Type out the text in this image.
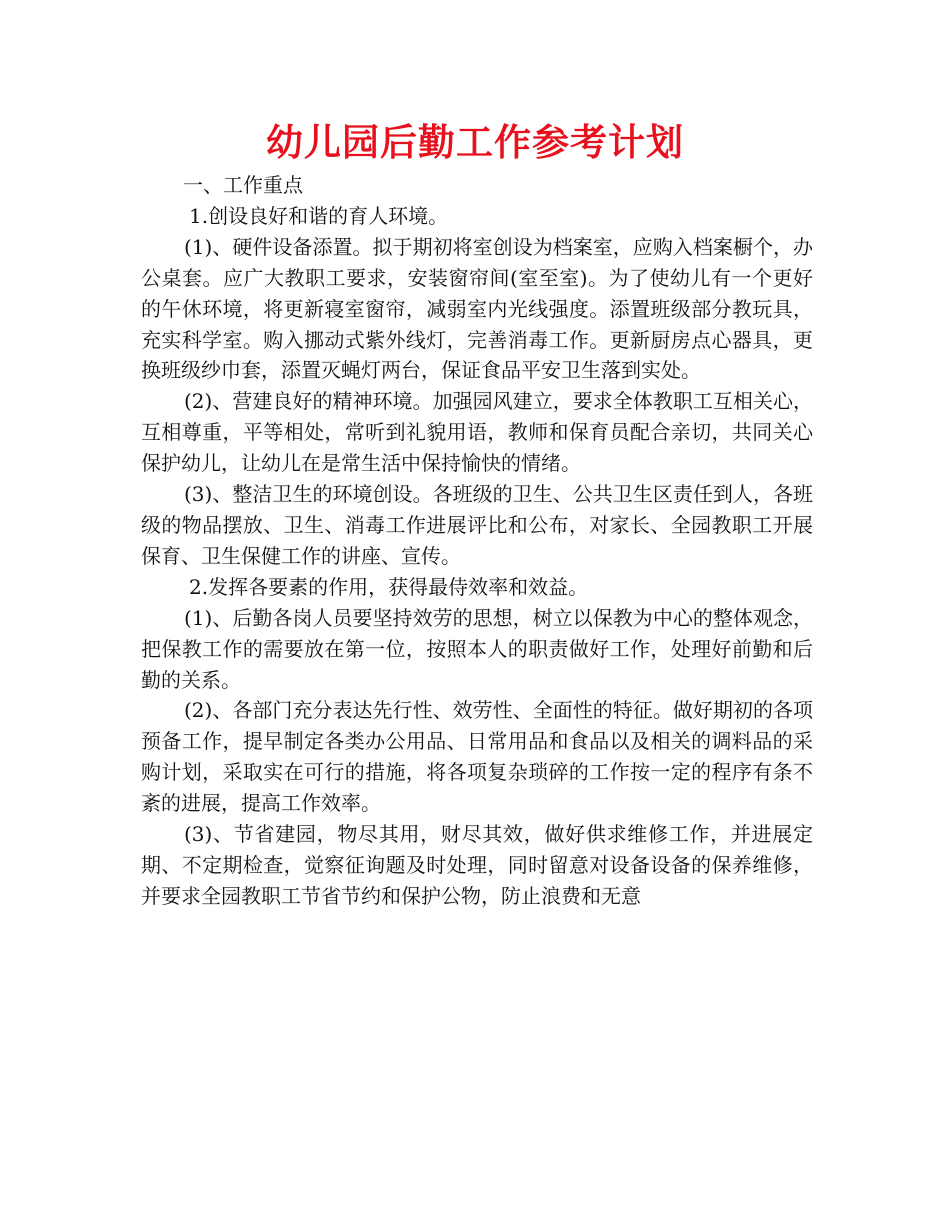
幼儿园后勤工作参考计划

一、工作重点

1.创设良好和谐的育人环境。

(1)、硬件设备添置。拟于期初将室创设为档案室，应购入档案橱个，办公桌套。应广大教职工要求，安装窗帘间(室至室)。为了使幼儿有一个更好的午休环境，将更新寝室窗帘，减弱室内光线强度。添置班级部分教玩具，充实科学室。购入挪动式紫外线灯，完善消毒工作。更新厨房点心器具，更换班级纱巾套，添置灭蝇灯两台，保证食品平安卫生落到实处。

(2)、营建良好的精神环境。加强园风建立，要求全体教职工互相关心，互相尊重，平等相处，常听到礼貌用语，教师和保育员配合亲切，共同关心保护幼儿，让幼儿在是常生活中保持愉快的情绪。

(3)、整洁卫生的环境创设。各班级的卫生、公共卫生区责任到人，各班级的物品摆放、卫生、消毒工作进展评比和公布，对家长、全园教职工开展保育、卫生保健工作的讲座、宣传。

2.发挥各要素的作用，获得最侍效率和效益。

(1)、后勤各岗人员要坚持效劳的思想，树立以保教为中心的整体观念，把保教工作的需要放在第一位，按照本人的职责做好工作，处理好前勤和后勤的关系。

(2)、各部门充分表达先行性、效劳性、全面性的特征。做好期初的各项预备工作，提早制定各类办公用品、日常用品和食品以及相关的调料品的采购计划，采取实在可行的措施，将各项复杂琐碎的工作按一定的程序有条不紊的进展，提高工作效率。

(3)、节省建园，物尽其用，财尽其效，做好供求维修工作，并进展定期、不定期检查，觉察征询题及时处理，同时留意对设备设备的保养维修，并要求全园教职工节省节约和保护公物，防止浪费和无意
